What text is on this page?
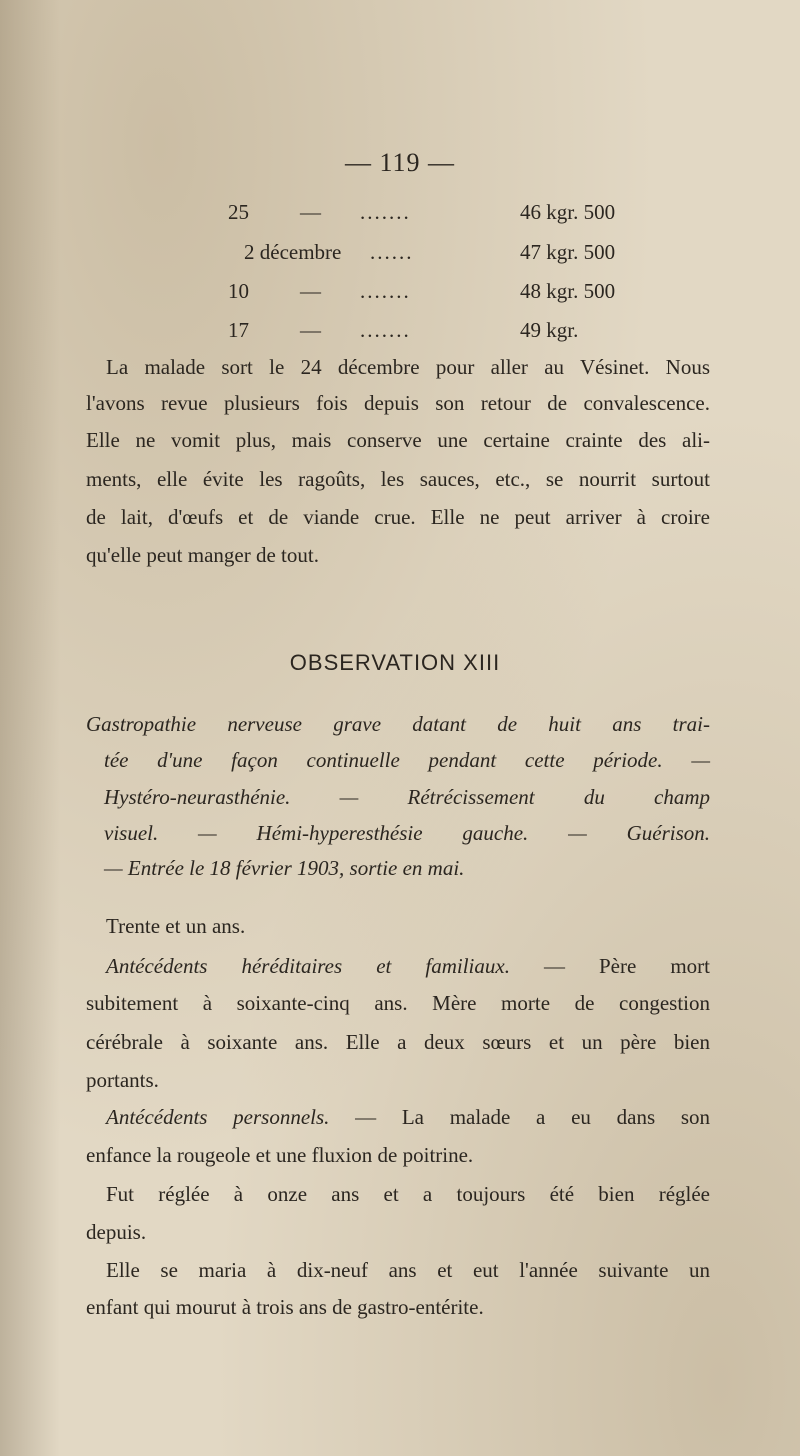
— 119 —
25 — .......	46 kgr. 500
2 décembre ......	47 kgr. 500
10 — .......	48 kgr. 500
17 — .......	49 kgr.
La malade sort le 24 décembre pour aller au Vésinet. Nous
l'avons revue plusieurs fois depuis son retour de convalescence.
Elle ne vomit plus, mais conserve une certaine crainte des ali-
ments, elle évite les ragoûts, les sauces, etc., se nourrit surtout
de lait, d'œufs et de viande crue. Elle ne peut arriver à croire
qu'elle peut manger de tout.
OBSERVATION XIII
Gastropathie nerveuse grave datant de huit ans trai-
tée d'une façon continuelle pendant cette période. —
Hystéro-neurasthénie. — Rétrécissement du champ
visuel. — Hémi-hyperesthésie gauche. — Guérison.
— Entrée le 18 février 1903, sortie en mai.
Trente et un ans.
Antécédents héréditaires et familiaux. — Père mort
subitement à soixante-cinq ans. Mère morte de congestion
cérébrale à soixante ans. Elle a deux sœurs et un père bien
portants.
Antécédents personnels. — La malade a eu dans son
enfance la rougeole et une fluxion de poitrine.
Fut réglée à onze ans et a toujours été bien réglée
depuis.
Elle se maria à dix-neuf ans et eut l'année suivante un
enfant qui mourut à trois ans de gastro-entérite.
